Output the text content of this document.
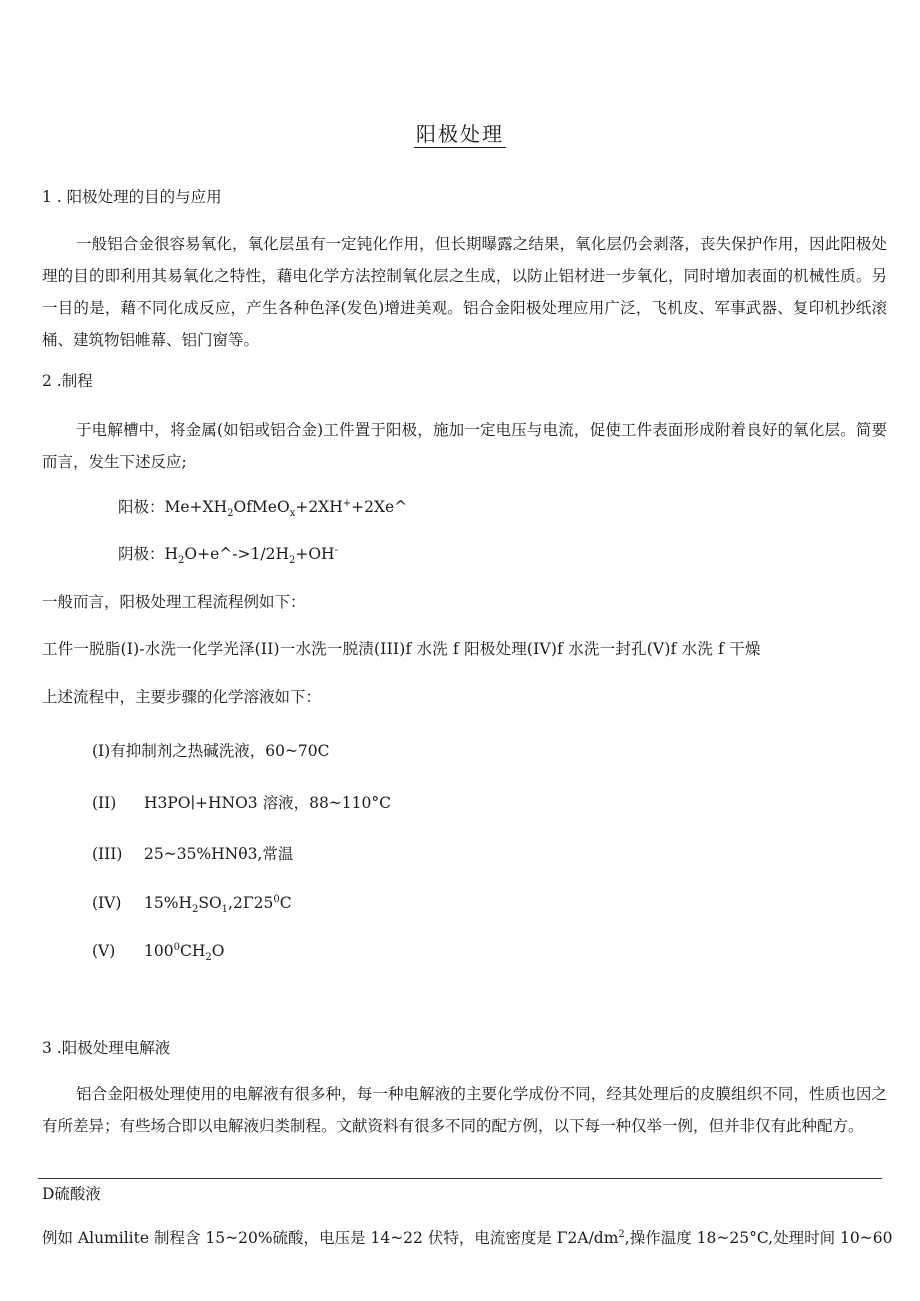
阳极处理
1 . 阳极处理的目的与应用
一般铝合金很容易氧化，氧化层虽有一定钝化作用，但长期曝露之结果，氧化层仍会剥落，丧失保护作用，因此阳极处理的目的即利用其易氧化之特性，藉电化学方法控制氧化层之生成，以防止铝材进一步氧化，同时增加表面的机械性质。另一目的是，藉不同化成反应，产生各种色泽(发色)增进美观。铝合金阳极处理应用广泛，飞机皮、军事武器、复印机抄纸滚桶、建筑物铝帷幕、铝门窗等。
2 .制程
于电解槽中，将金属(如铝或铝合金)工件置于阳极，施加一定电压与电流，促使工件表面形成附着良好的氧化层。简要而言，发生下述反应;
阳极：$Me+XH_2OfMeO_x+2XH^++2Xe\^{}$
阴极：$H_2O+e\^{}->1/2H_2+OH^-$
一般而言，阳极处理工程流程例如下：
工件一脱脂(I)-水洗一化学光泽(II)一水洗一脱渍(III)f 水洗 f 阳极处理(IV)f 水洗一封孔(V)f 水洗 f 干燥
上述流程中，主要步骤的化学溶液如下：
(I)有抑制剂之热碱洗液，60~70C
(II) H3PO∣+HNO3 溶液，88~110°C
(III) 25~35%HNθ3,常温
(IV) $15\%H_2SO_1,2\Gamma 25^0C$
(V) $100^0CH_2O$
3 .阳极处理电解液
铝合金阳极处理使用的电解液有很多种，每一种电解液的主要化学成份不同，经其处理后的皮膜组织不同，性质也因之有所差异；有些场合即以电解液归类制程。文献资料有很多不同的配方例，以下每一种仅举一例，但并非仅有此种配方。
D硫酸液
例如 Alumilite 制程含 15~20%硫酸，电压是 14~22 伏特，电流密度是 $\Gamma 2A/dm^2$,操作温度 18~25°C,处理时间 10~60
